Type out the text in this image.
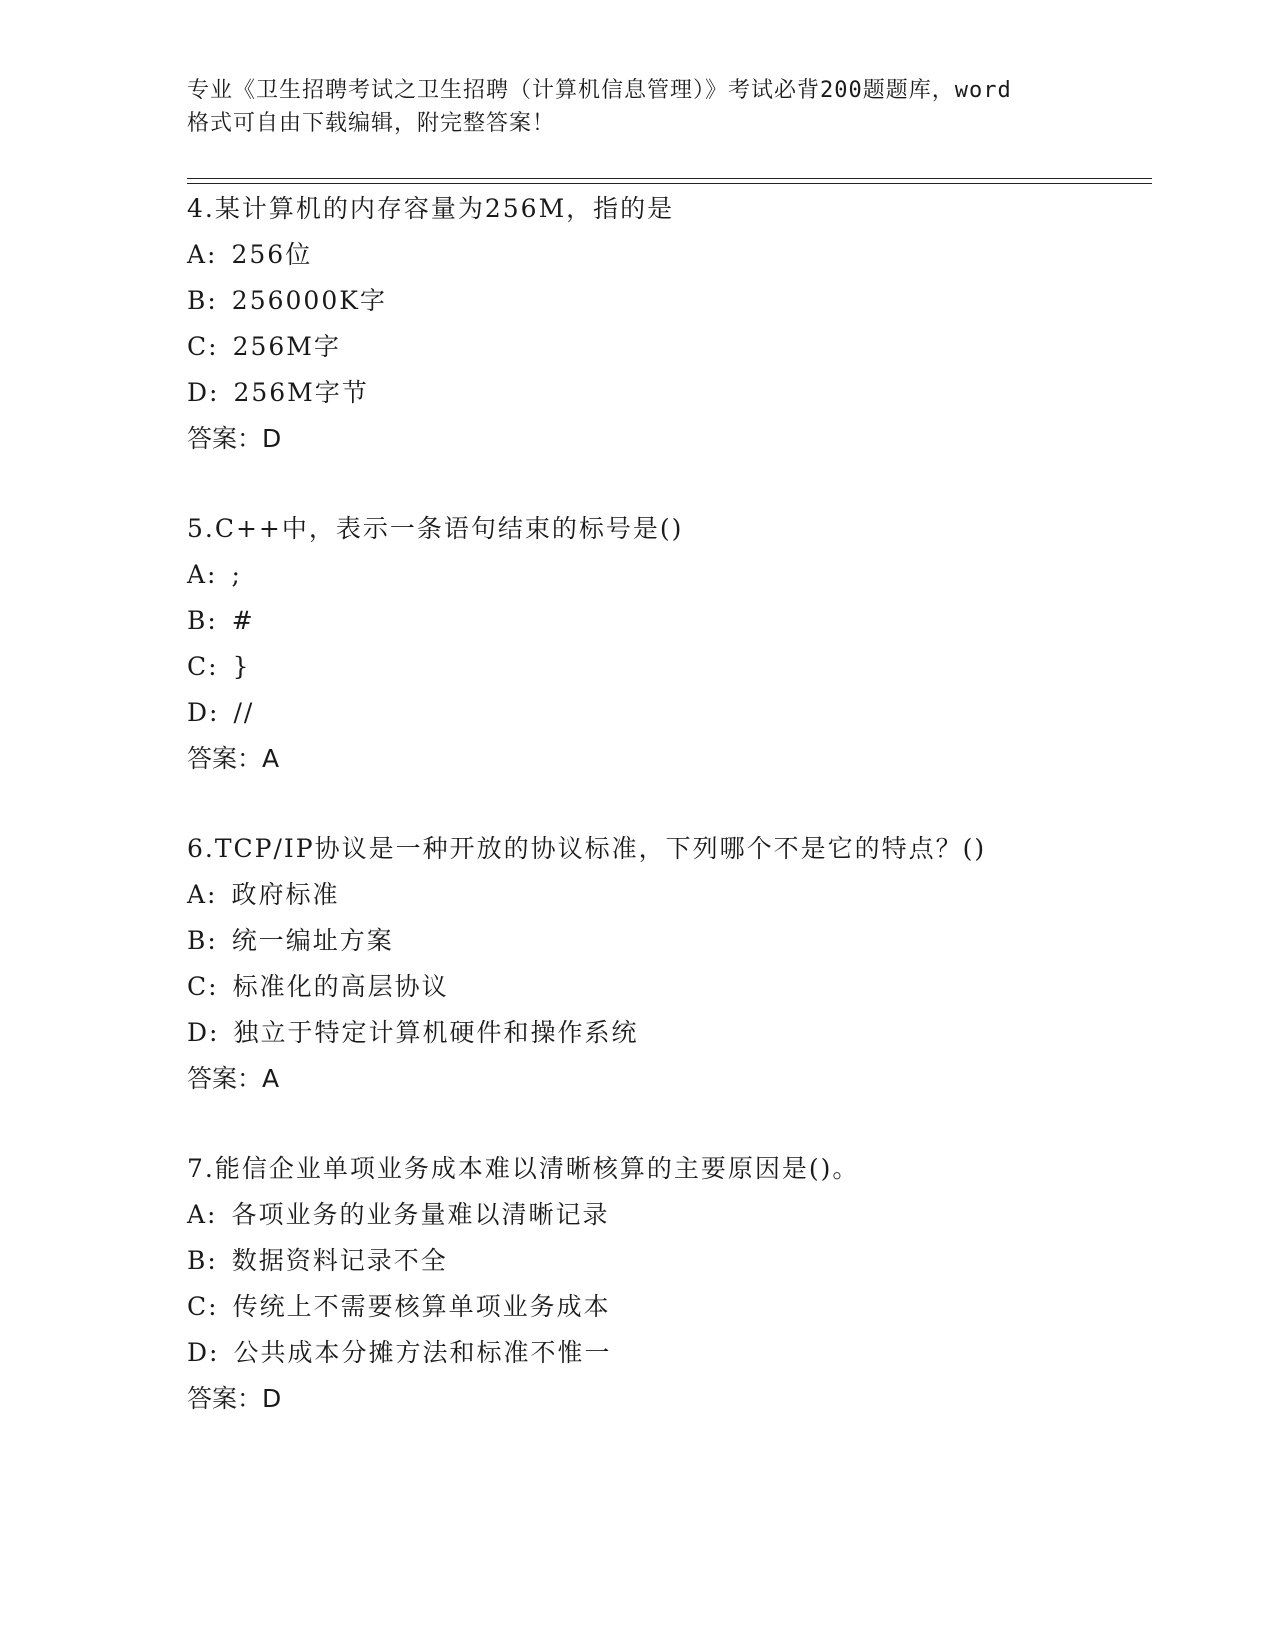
专业《卫生招聘考试之卫生招聘（计算机信息管理）》考试必背200题题库，word
格式可自由下载编辑，附完整答案！
4.某计算机的内存容量为256M，指的是
A: 256位
B: 256000K字
C: 256M字
D: 256M字节
答案：D
5.C++中，表示一条语句结束的标号是()
A: ;
B: #
C: }
D: //
答案：A
6.TCP/IP协议是一种开放的协议标准，下列哪个不是它的特点？()
A: 政府标准
B: 统一编址方案
C: 标准化的高层协议
D: 独立于特定计算机硬件和操作系统
答案：A
7.能信企业单项业务成本难以清晰核算的主要原因是()。
A: 各项业务的业务量难以清晰记录
B: 数据资料记录不全
C: 传统上不需要核算单项业务成本
D: 公共成本分摊方法和标准不惟一
答案：D
